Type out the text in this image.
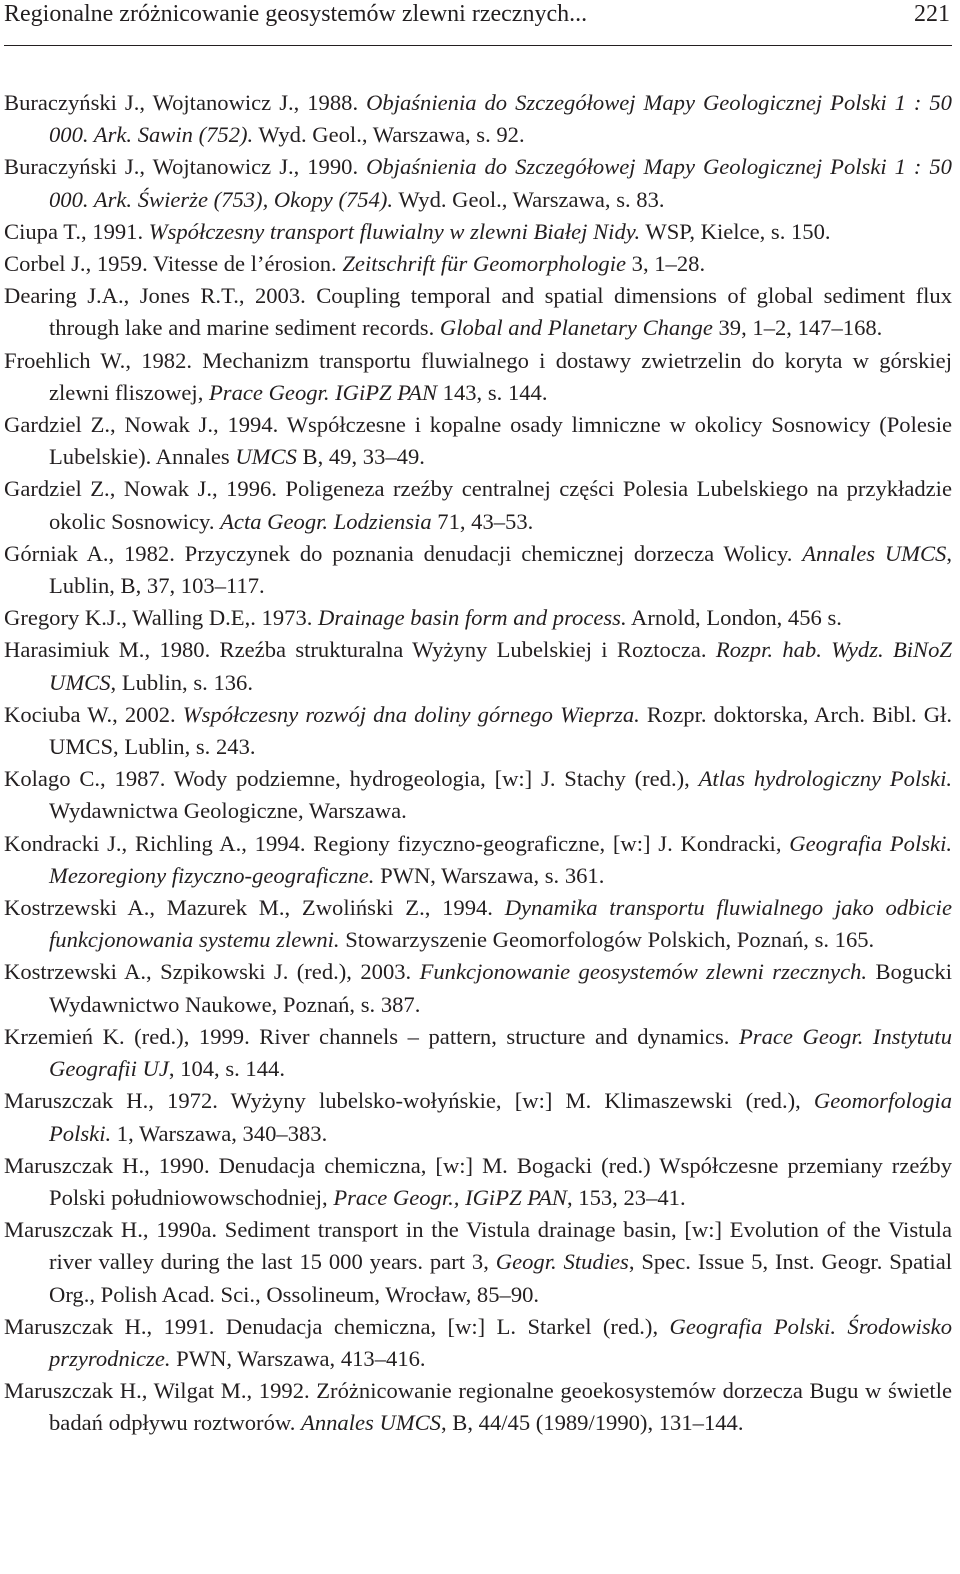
Regionalne zróżnicowanie geosystemów zlewni rzecznych...	221
Buraczyński J., Wojtanowicz J., 1988. Objaśnienia do Szczegółowej Mapy Geologicznej Polski 1 : 50 000. Ark. Sawin (752). Wyd. Geol., Warszawa, s. 92.
Buraczyński J., Wojtanowicz J., 1990. Objaśnienia do Szczegółowej Mapy Geologicznej Polski 1 : 50 000. Ark. Świerże (753), Okopy (754). Wyd. Geol., Warszawa, s. 83.
Ciupa T., 1991. Współczesny transport fluwialny w zlewni Białej Nidy. WSP, Kielce, s. 150.
Corbel J., 1959. Vitesse de l’érosion. Zeitschrift für Geomorphologie 3, 1–28.
Dearing J.A., Jones R.T., 2003. Coupling temporal and spatial dimensions of global sediment flux through lake and marine sediment records. Global and Planetary Change 39, 1–2, 147–168.
Froehlich W., 1982. Mechanizm transportu fluwialnego i dostawy zwietrzelin do koryta w górskiej zlewni fliszowej, Prace Geogr. IGiPZ PAN 143, s. 144.
Gardziel Z., Nowak J., 1994. Współczesne i kopalne osady limniczne w okolicy Sosnowicy (Polesie Lubelskie). Annales UMCS B, 49, 33–49.
Gardziel Z., Nowak J., 1996. Poligeneza rzeźby centralnej części Polesia Lubelskiego na przykładzie okolic Sosnowicy. Acta Geogr. Lodziensia 71, 43–53.
Górniak A., 1982. Przyczynek do poznania denudacji chemicznej dorzecza Wolicy. Annales UMCS, Lublin, B, 37, 103–117.
Gregory K.J., Walling D.E,. 1973. Drainage basin form and process. Arnold, London, 456 s.
Harasimiuk M., 1980. Rzeźba strukturalna Wyżyny Lubelskiej i Roztocza. Rozpr. hab. Wydz. BiNoZ UMCS, Lublin, s. 136.
Kociuba W., 2002. Współczesny rozwój dna doliny górnego Wieprza. Rozpr. doktorska, Arch. Bibl. Gł. UMCS, Lublin, s. 243.
Kolago C., 1987. Wody podziemne, hydrogeologia, [w:] J. Stachy (red.), Atlas hydrologiczny Polski. Wydawnictwa Geologiczne, Warszawa.
Kondracki J., Richling A., 1994. Regiony fizyczno-geograficzne, [w:] J. Kondracki, Geografia Polski. Mezoregiony fizyczno-geograficzne. PWN, Warszawa, s. 361.
Kostrzewski A., Mazurek M., Zwoliński Z., 1994. Dynamika transportu fluwialnego jako odbicie funkcjonowania systemu zlewni. Stowarzyszenie Geomorfologów Polskich, Poznań, s. 165.
Kostrzewski A., Szpikowski J. (red.), 2003. Funkcjonowanie geosystemów zlewni rzecznych. Bogucki Wydawnictwo Naukowe, Poznań, s. 387.
Krzemień K. (red.), 1999. River channels – pattern, structure and dynamics. Prace Geogr. Instytutu Geografii UJ, 104, s. 144.
Maruszczak H., 1972. Wyżyny lubelsko-wołyńskie, [w:] M. Klimaszewski (red.), Geomorfologia Polski. 1, Warszawa, 340–383.
Maruszczak H., 1990. Denudacja chemiczna, [w:] M. Bogacki (red.) Współczesne przemiany rzeźby Polski południowowschodniej, Prace Geogr., IGiPZ PAN, 153, 23–41.
Maruszczak H., 1990a. Sediment transport in the Vistula drainage basin, [w:] Evolution of the Vistula river valley during the last 15 000 years. part 3, Geogr. Studies, Spec. Issue 5, Inst. Geogr. Spatial Org., Polish Acad. Sci., Ossolineum, Wrocław, 85–90.
Maruszczak H., 1991. Denudacja chemiczna, [w:] L. Starkel (red.), Geografia Polski. Środowisko przyrodnicze. PWN, Warszawa, 413–416.
Maruszczak H., Wilgat M., 1992. Zróżnicowanie regionalne geoekosystemów dorzecza Bugu w świetle badań odpływu roztworów. Annales UMCS, B, 44/45 (1989/1990), 131–144.
